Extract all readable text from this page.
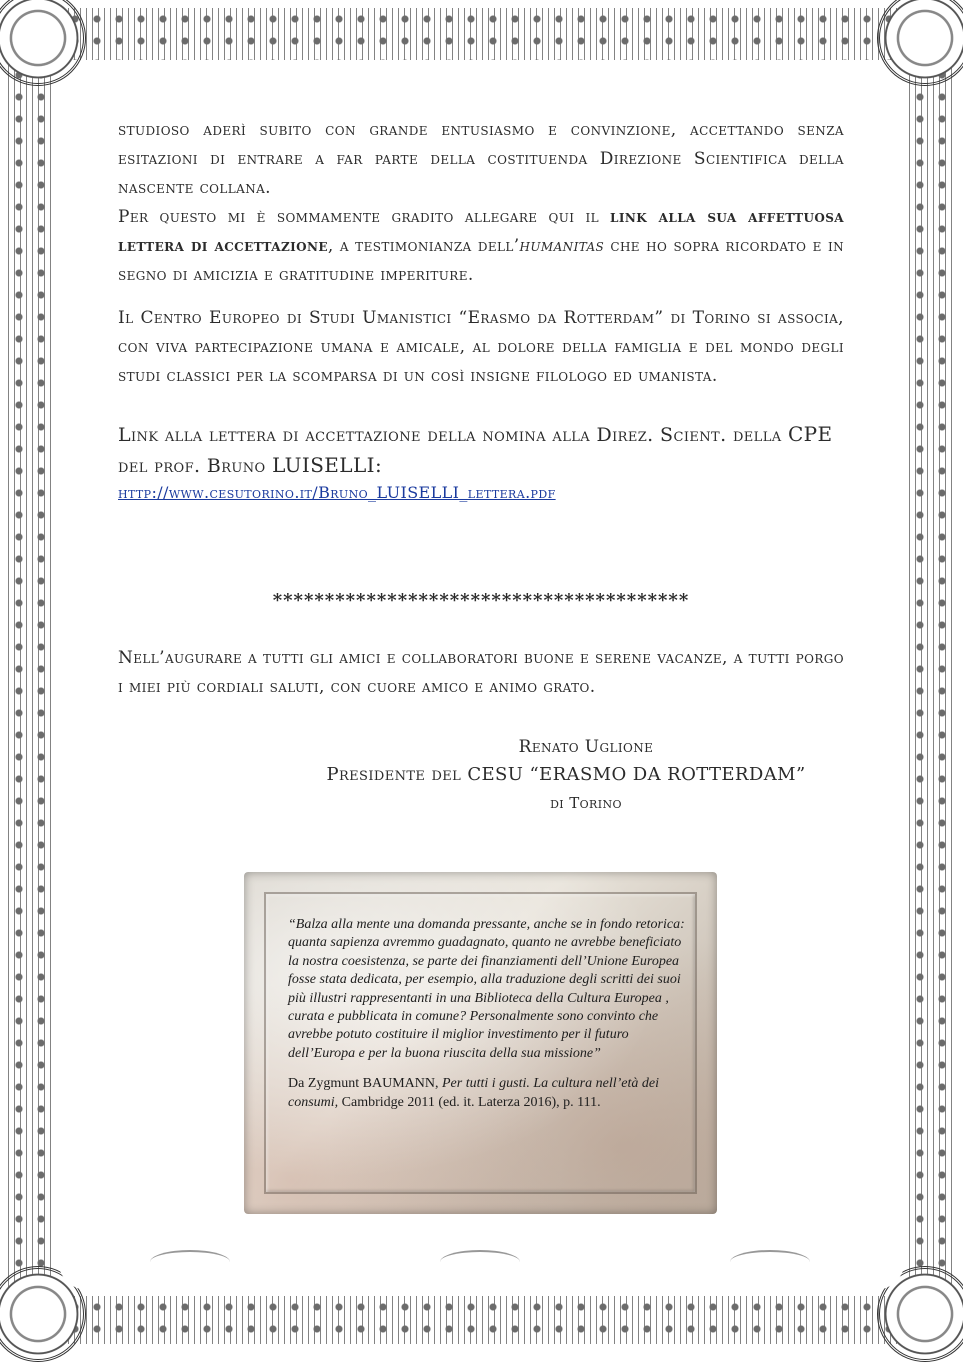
studioso aderì subito con grande entusiasmo e convinzione, accettando senza esitazioni di entrare a far parte della costituenda Direzione Scientifica della nascente collana.
Per questo mi è sommamente gradito allegare qui il link alla sua affettuosa lettera di accettazione, a testimonianza dell’humanitas che ho sopra ricordato e in segno di amicizia e gratitudine imperiture.

Il Centro Europeo di Studi Umanistici “Erasmo da Rotterdam” di Torino si associa, con viva partecipazione umana e amicale, al dolore della famiglia e del mondo degli studi classici per la scomparsa di un così insigne filologo ed umanista.

Link alla lettera di accettazione della nomina alla Direz. Scient. della CPE del prof. Bruno LUISELLI:

http://www.cesutorino.it/Bruno_LUISELLI_lettera.pdf
****************************************

Nell’augurare a tutti gli amici e collaboratori buone e serene vacanze, a tutti porgo i miei più cordiali saluti, con cuore amico e animo grato.

Renato Uglione
Presidente del CESU “ERASMO DA ROTTERDAM”
di Torino

“Balza alla mente una domanda pressante, anche se in fondo retorica: quanta sapienza avremmo guadagnato, quanto ne avrebbe beneficiato la nostra coesistenza, se parte dei finanziamenti dell’Unione Europea fosse stata dedicata, per esempio, alla traduzione degli scritti dei suoi più illustri rappresentanti in una Biblioteca della Cultura Europea , curata e pubblicata in comune? Personalmente sono convinto che avrebbe potuto costituire il miglior investimento per il futuro dell’Europa e per la buona riuscita della sua missione”

Da Zygmunt BAUMANN, Per tutti i gusti. La cultura nell’età dei consumi, Cambridge 2011 (ed. it. Laterza 2016), p. 111.
